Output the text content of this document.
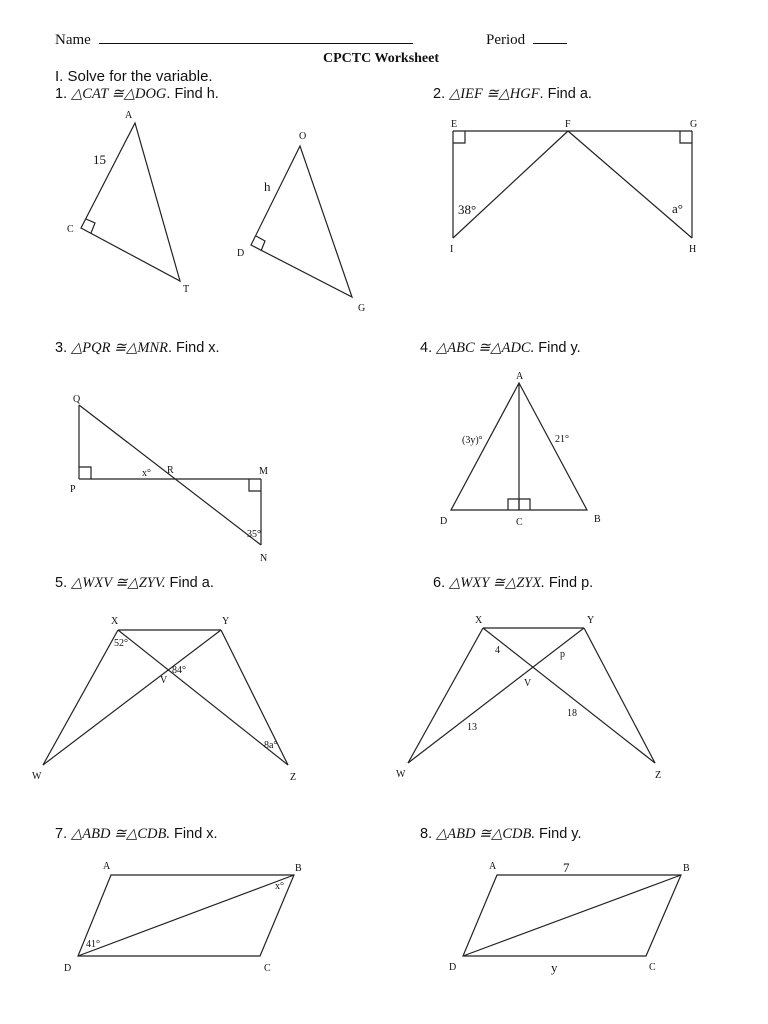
Name	Period
CPCTC Worksheet
I. Solve for the variable.
1. △CAT ≅△DOG. Find h.	2. △IEF ≅△HGF. Find a.
3. △PQR ≅△MNR. Find x.	4. △ABC ≅△ADC. Find y.
5. △WXV ≅△ZYV. Find a.	6. △WXY ≅△ZYX. Find p.
7. △ABD ≅△CDB. Find x.	8. △ABD ≅△CDB. Find y.
A
C
T
15
O
D
G
h
E	F	G
I	H
38°	a°
Q
P
R	M
N
x°
35°
A
D	C	B
(3y)°	21°
X	Y
V
W	Z
52°
84°
8a°
X	Y
V
W	Z
4	p
13
18
A	B
C
D
x°
41°
A	B
C
D
7
y
